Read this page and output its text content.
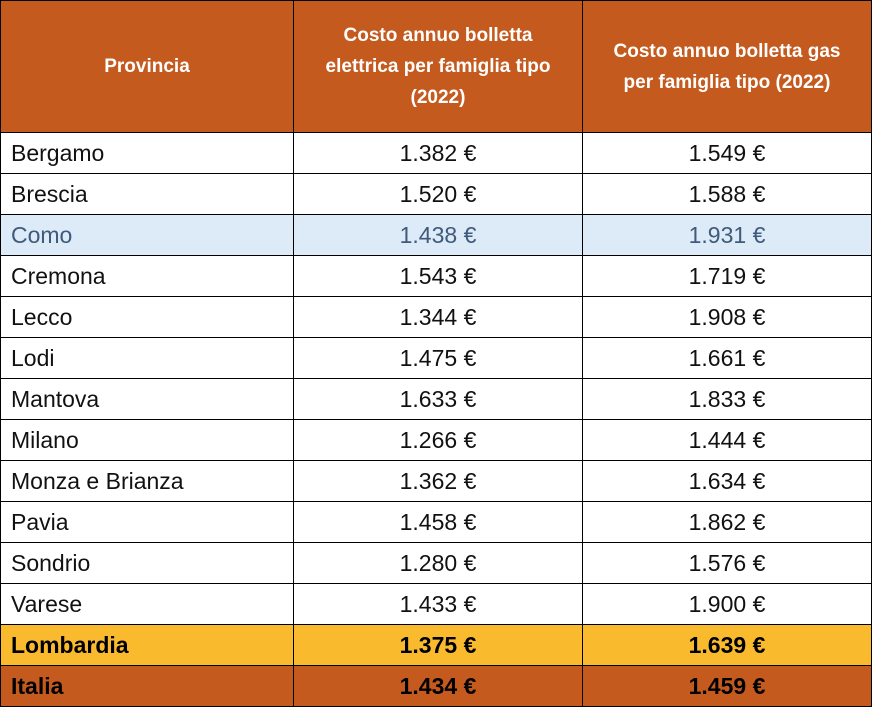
Provincia	Costo annuo bolletta elettrica per famiglia tipo (2022)	Costo annuo bolletta gas per famiglia tipo (2022)
Bergamo	1.382 €	1.549 €
Brescia	1.520 €	1.588 €
Como	1.438 €	1.931 €
Cremona	1.543 €	1.719 €
Lecco	1.344 €	1.908 €
Lodi	1.475 €	1.661 €
Mantova	1.633 €	1.833 €
Milano	1.266 €	1.444 €
Monza e Brianza	1.362 €	1.634 €
Pavia	1.458 €	1.862 €
Sondrio	1.280 €	1.576 €
Varese	1.433 €	1.900 €
Lombardia	1.375 €	1.639 €
Italia	1.434 €	1.459 €
